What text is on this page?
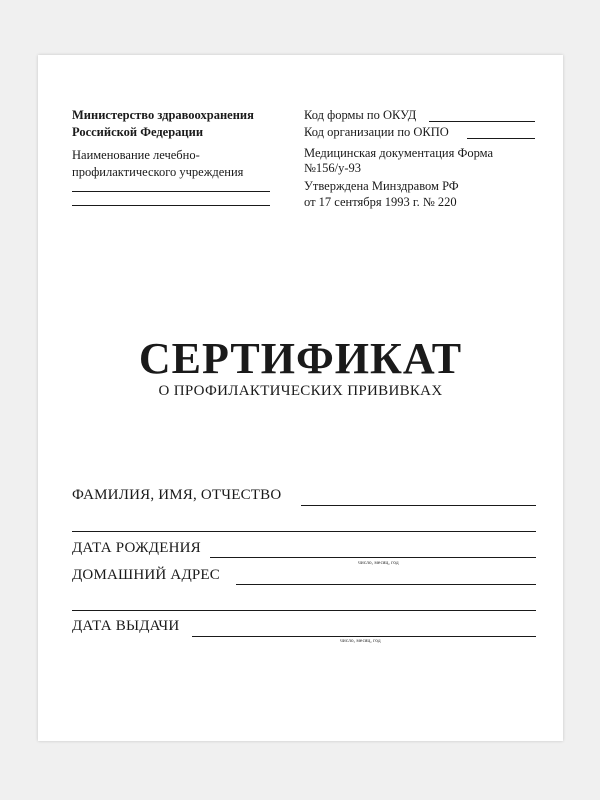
Министерство здравоохранения
Российской Федерации
Наименование лечебно-
профилактического учреждения
Код формы по ОКУД
Код организации по ОКПО
Медицинская документация Форма
№156/у-93
Утверждена Минздравом РФ
от 17 сентября 1993 г. № 220
СЕРТИФИКАТ
О ПРОФИЛАКТИЧЕСКИХ ПРИВИВКАХ
ФАМИЛИЯ, ИМЯ, ОТЧЕСТВО
ДАТА РОЖДЕНИЯ
число, месяц, год
ДОМАШНИЙ АДРЕС
ДАТА ВЫДАЧИ
число, месяц, год
